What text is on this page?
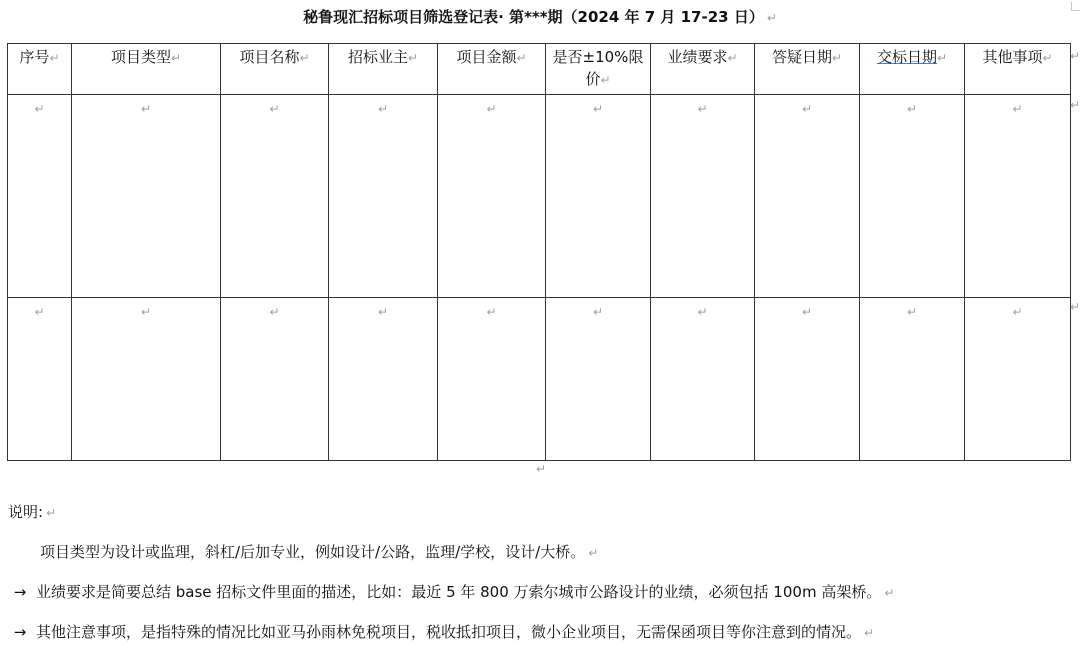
秘鲁现汇招标项目筛选登记表· 第***期（2024 年 7 月 17-23 日） ↵
序号↵	项目类型↵	项目名称↵	招标业主↵	项目金额↵	是否±10%限价↵	业绩要求↵	答疑日期↵	交标日期↵	其他事项↵
↵	↵	↵	↵	↵	↵	↵	↵	↵	↵
↵	↵	↵	↵	↵	↵	↵	↵	↵	↵
↵
↵
↵
↵
说明: ↵
项目类型为设计或监理，斜杠/后加专业，例如设计/公路，监理/学校，设计/大桥。 ↵
→ 业绩要求是简要总结 base 招标文件里面的描述，比如：最近 5 年 800 万索尔城市公路设计的业绩，必须包括 100m 高架桥。 ↵
→ 其他注意事项，是指特殊的情况比如亚马孙雨林免税项目，税收抵扣项目，微小企业项目，无需保函项目等你注意到的情况。 ↵
